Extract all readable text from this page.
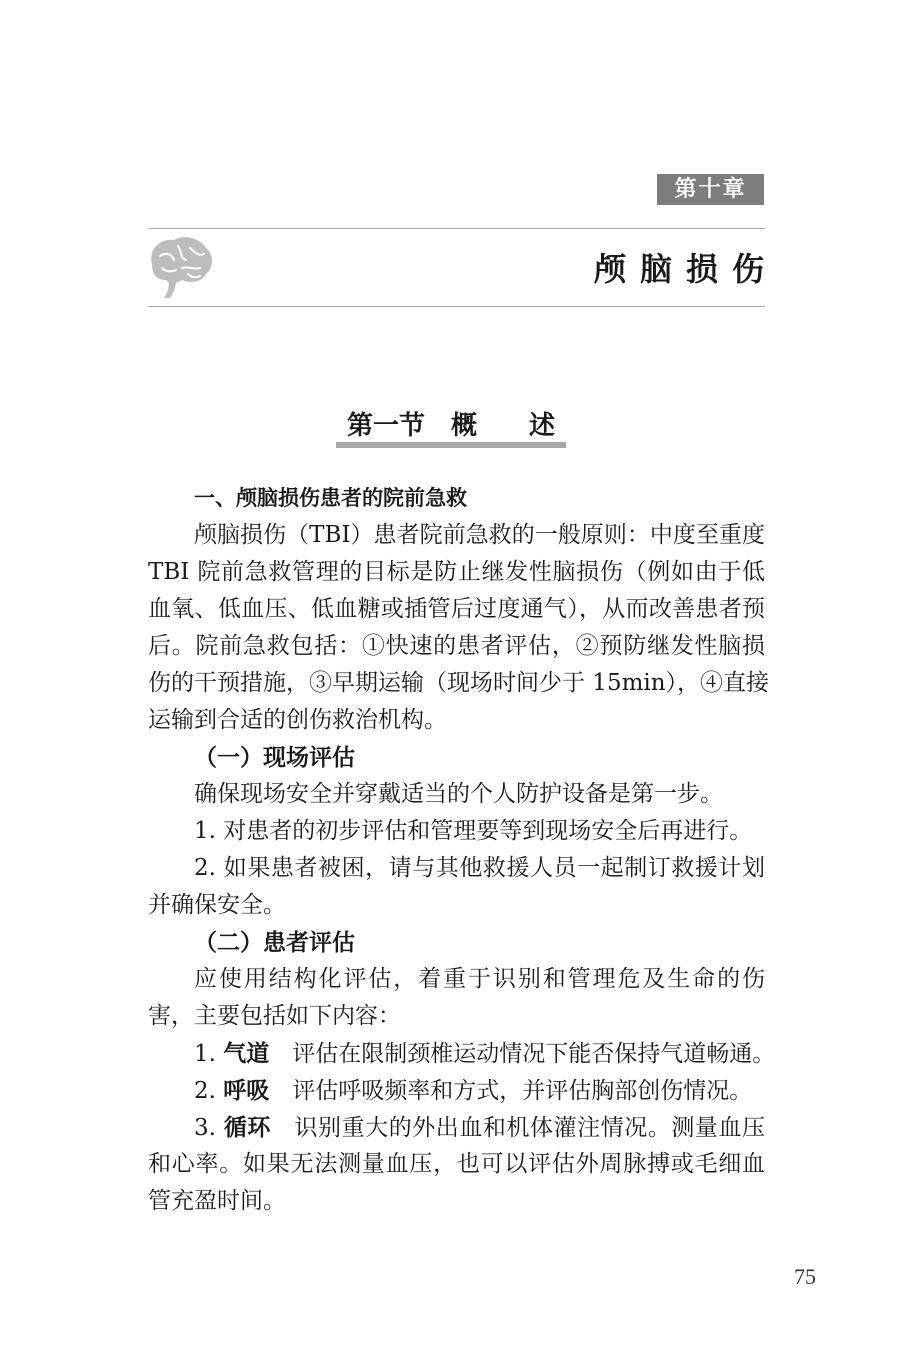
第十章
颅脑损伤
第一节　概　　述
一、颅脑损伤患者的院前急救
颅脑损伤（TBI）患者院前急救的一般原则：中度至重度
TBI 院前急救管理的目标是防止继发性脑损伤（例如由于低
血氧、低血压、低血糖或插管后过度通气），从而改善患者预
后。院前急救包括：①快速的患者评估，②预防继发性脑损
伤的干预措施，③早期运输（现场时间少于 15min），④直接
运输到合适的创伤救治机构。
（一）现场评估
确保现场安全并穿戴适当的个人防护设备是第一步。
1. 对患者的初步评估和管理要等到现场安全后再进行。
2. 如果患者被困，请与其他救援人员一起制订救援计划
并确保安全。
（二）患者评估
应使用结构化评估，着重于识别和管理危及生命的伤
害，主要包括如下内容：
1. 气道　评估在限制颈椎运动情况下能否保持气道畅通。
2. 呼吸　评估呼吸频率和方式，并评估胸部创伤情况。
3. 循环　识别重大的外出血和机体灌注情况。测量血压
和心率。如果无法测量血压，也可以评估外周脉搏或毛细血
管充盈时间。
75
